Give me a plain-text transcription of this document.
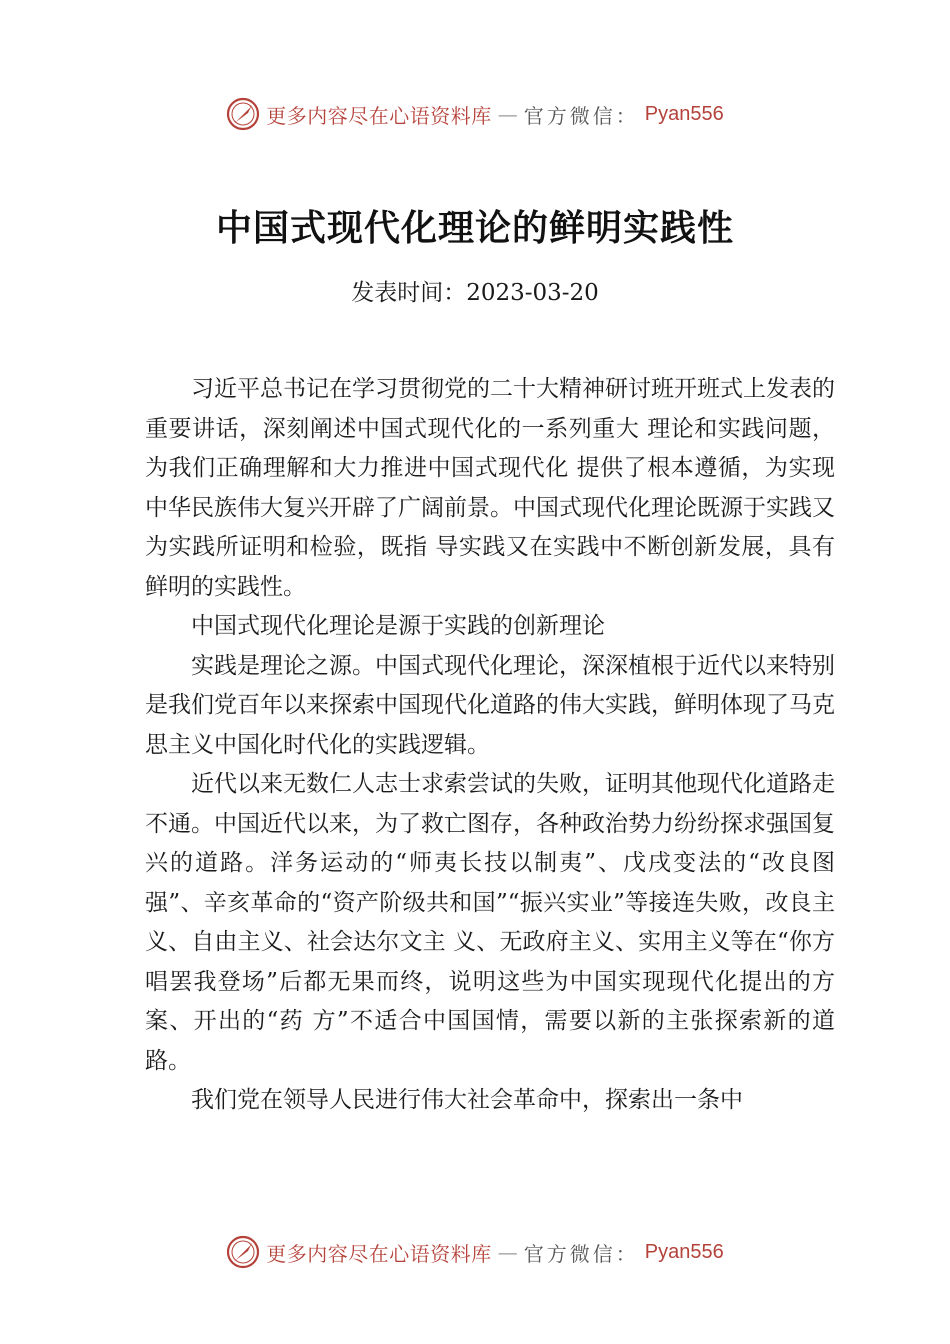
更多内容尽在心语资料库 — 官方微信： Pyan556
中国式现代化理论的鲜明实践性
发表时间：2023-03-20

习近平总书记在学习贯彻党的二十大精神研讨班开班式上发表的重要讲话，深刻阐述中国式现代化的一系列重大 理论和实践问题，为我们正确理解和大力推进中国式现代化 提供了根本遵循，为实现中华民族伟大复兴开辟了广阔前景。中国式现代化理论既源于实践又为实践所证明和检验，既指 导实践又在实践中不断创新发展，具有鲜明的实践性。

中国式现代化理论是源于实践的创新理论

实践是理论之源。中国式现代化理论，深深植根于近代以来特别是我们党百年以来探索中国现代化道路的伟大实践，鲜明体现了马克思主义中国化时代化的实践逻辑。

近代以来无数仁人志士求索尝试的失败，证明其他现代化道路走不通。中国近代以来，为了救亡图存，各种政治势力纷纷探求强国复兴的道路。洋务运动的“师夷长技以制夷”、戊戌变法的“改良图强”、辛亥革命的“资产阶级共和国”“振兴实业”等接连失败，改良主义、自由主义、社会达尔文主 义、无政府主义、实用主义等在“你方唱罢我登场”后都无果而终，说明这些为中国实现现代化提出的方案、开出的“药 方”不适合中国国情，需要以新的主张探索新的道路。

我们党在领导人民进行伟大社会革命中，探索出一条中

更多内容尽在心语资料库 — 官方微信： Pyan556
